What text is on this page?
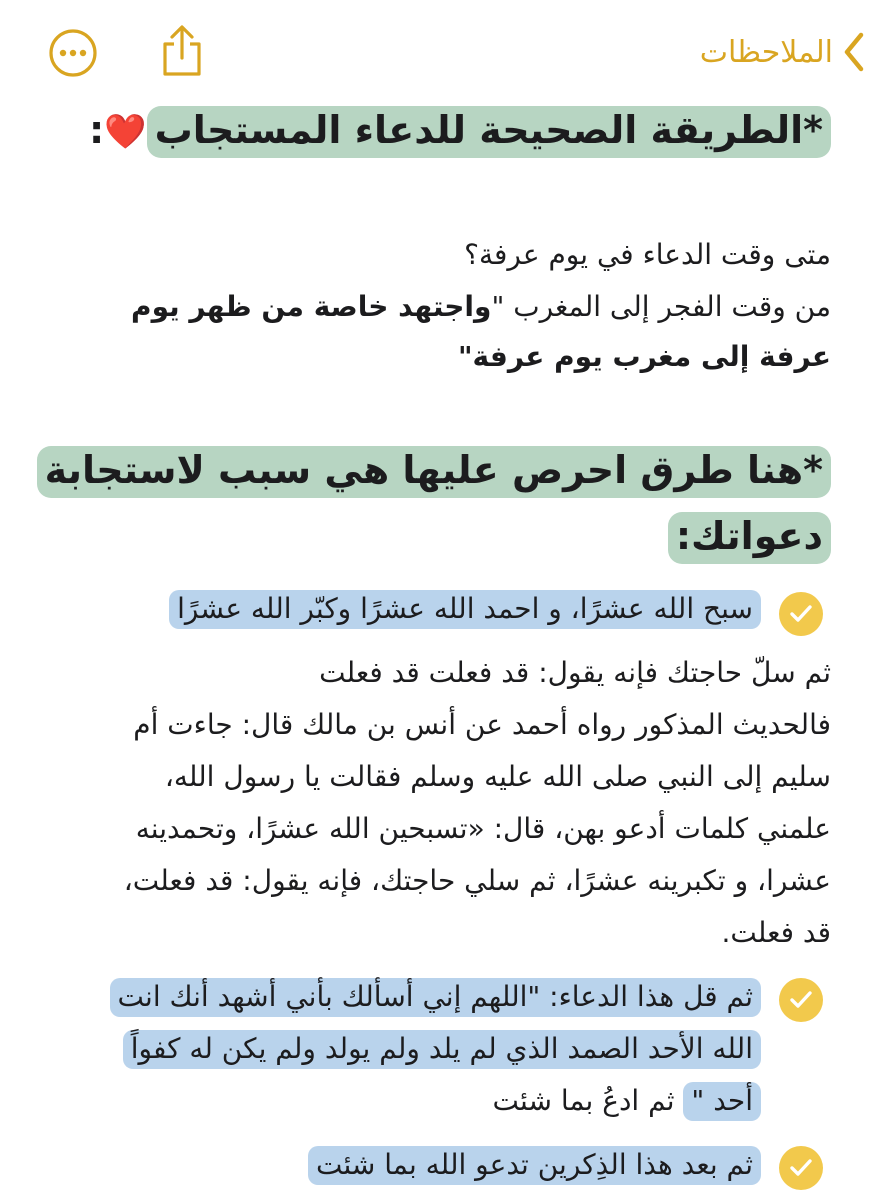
الملاحظات
*الطريقة الصحيحة للدعاء المستجاب❤️:
متى وقت الدعاء في يوم عرفة؟
من وقت الفجر إلى المغرب "واجتهد خاصة من ظهر يوم
عرفة إلى مغرب يوم عرفة"
*هنا طرق احرص عليها هي سبب لاستجابة
دعواتك:
سبح الله عشرًا، و احمد الله عشرًا وكبّر الله عشرًا
ثم سلّ حاجتك فإنه يقول: قد فعلت قد فعلت
فالحديث المذكور رواه أحمد عن أنس بن مالك قال: جاءت أم
سليم إلى النبي صلى الله عليه وسلم فقالت يا رسول الله،
علمني كلمات أدعو بهن، قال: «تسبحين الله عشرًا، وتحمدينه
عشرا، و تكبرينه عشرًا، ثم سلي حاجتك، فإنه يقول: قد فعلت،
قد فعلت.
ثم قل هذا الدعاء: "اللهم إني أسألك بأني أشهد أنك انت
الله الأحد الصمد الذي لم يلد ولم يولد ولم يكن له كفواً
أحد " ثم ادعُ بما شئت
ثم بعد هذا الذِكرين تدعو الله بما شئت
